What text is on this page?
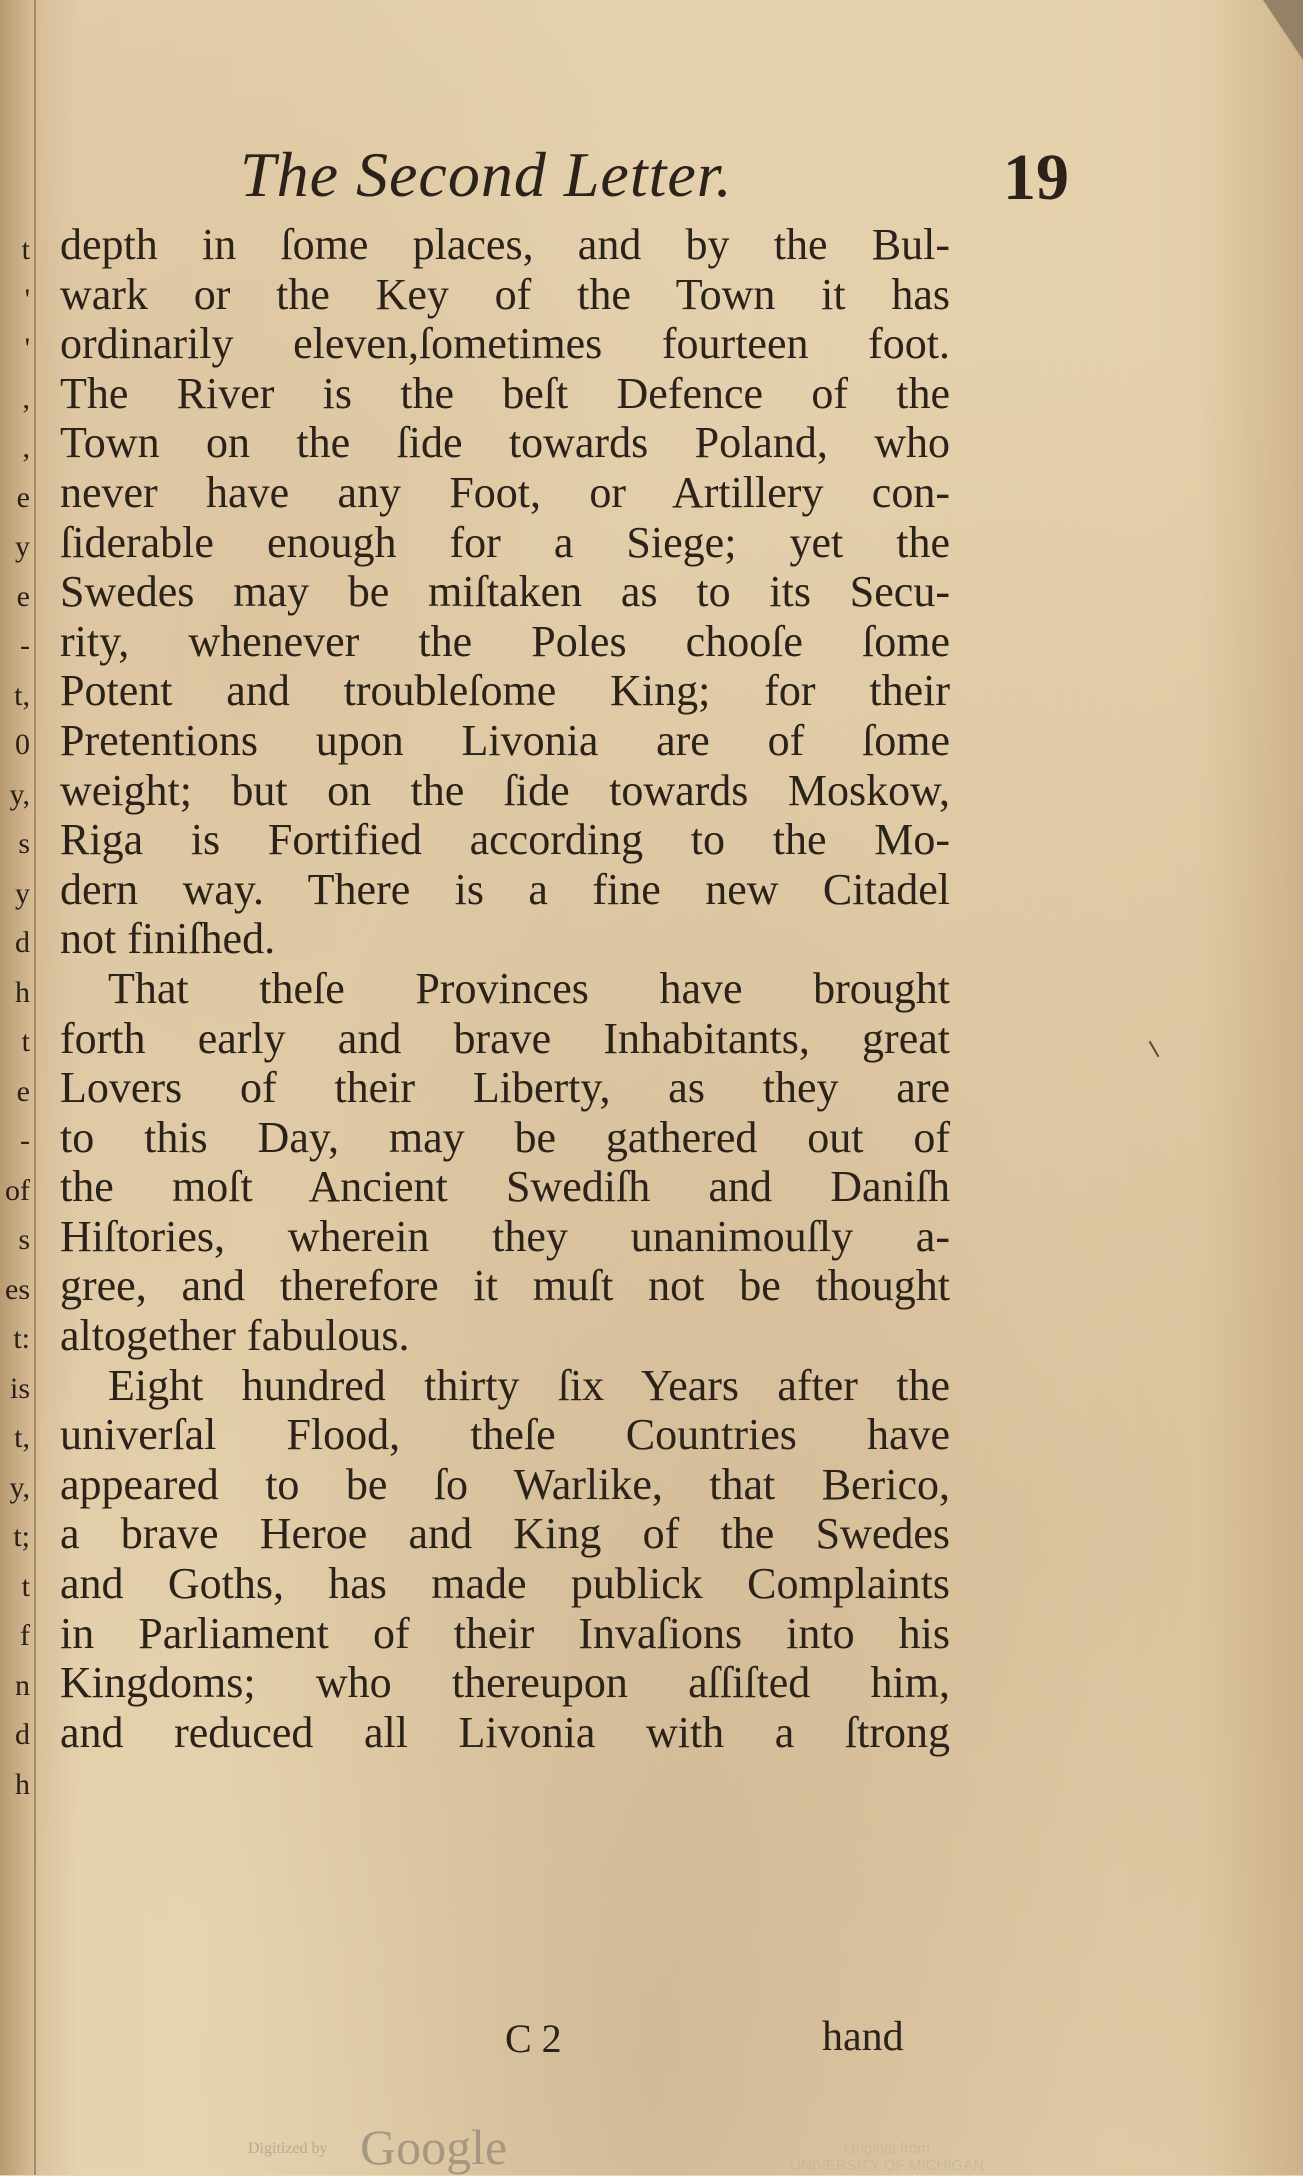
t
'
'
,
,
e
y
e
-
t,
0
y,
s
y
d
h
t
e
-
of
s
es
t:
is
t,
y,
t;
t
f
n
d
h
The Second Letter.	19
depth in ſome places, and by the Bul-
wark or the Key of the Town it has
ordinarily eleven,ſometimes fourteen foot.
The River is the beſt Defence of the
Town on the ſide towards Poland, who
never have any Foot, or Artillery con-
ſiderable enough for a Siege; yet the
Swedes may be miſtaken as to its Secu-
rity, whenever the Poles chooſe ſome
Potent and troubleſome King; for their
Pretentions upon Livonia are of ſome
weight; but on the ſide towards Moskow,
Riga is Fortified according to the Mo-
dern way. There is a fine new Citadel
not finiſhed.
That theſe Provinces have brought
forth early and brave Inhabitants, great
Lovers of their Liberty, as they are
to this Day, may be gathered out of
the moſt Ancient Swediſh and Daniſh
Hiſtories, wherein they unanimouſly a-
gree, and therefore it muſt not be thought
altogether fabulous.
Eight hundred thirty ſix Years after the
univerſal Flood, theſe Countries have
appeared to be ſo Warlike, that Berico,
a brave Heroe and King of the Swedes
and Goths, has made publick Complaints
in Parliament of their Invaſions into his
Kingdoms; who thereupon aſſiſted him,
and reduced all Livonia with a ſtrong
C 2	hand
Digitized by Google	Original from
UNIVERSITY OF MICHIGAN
